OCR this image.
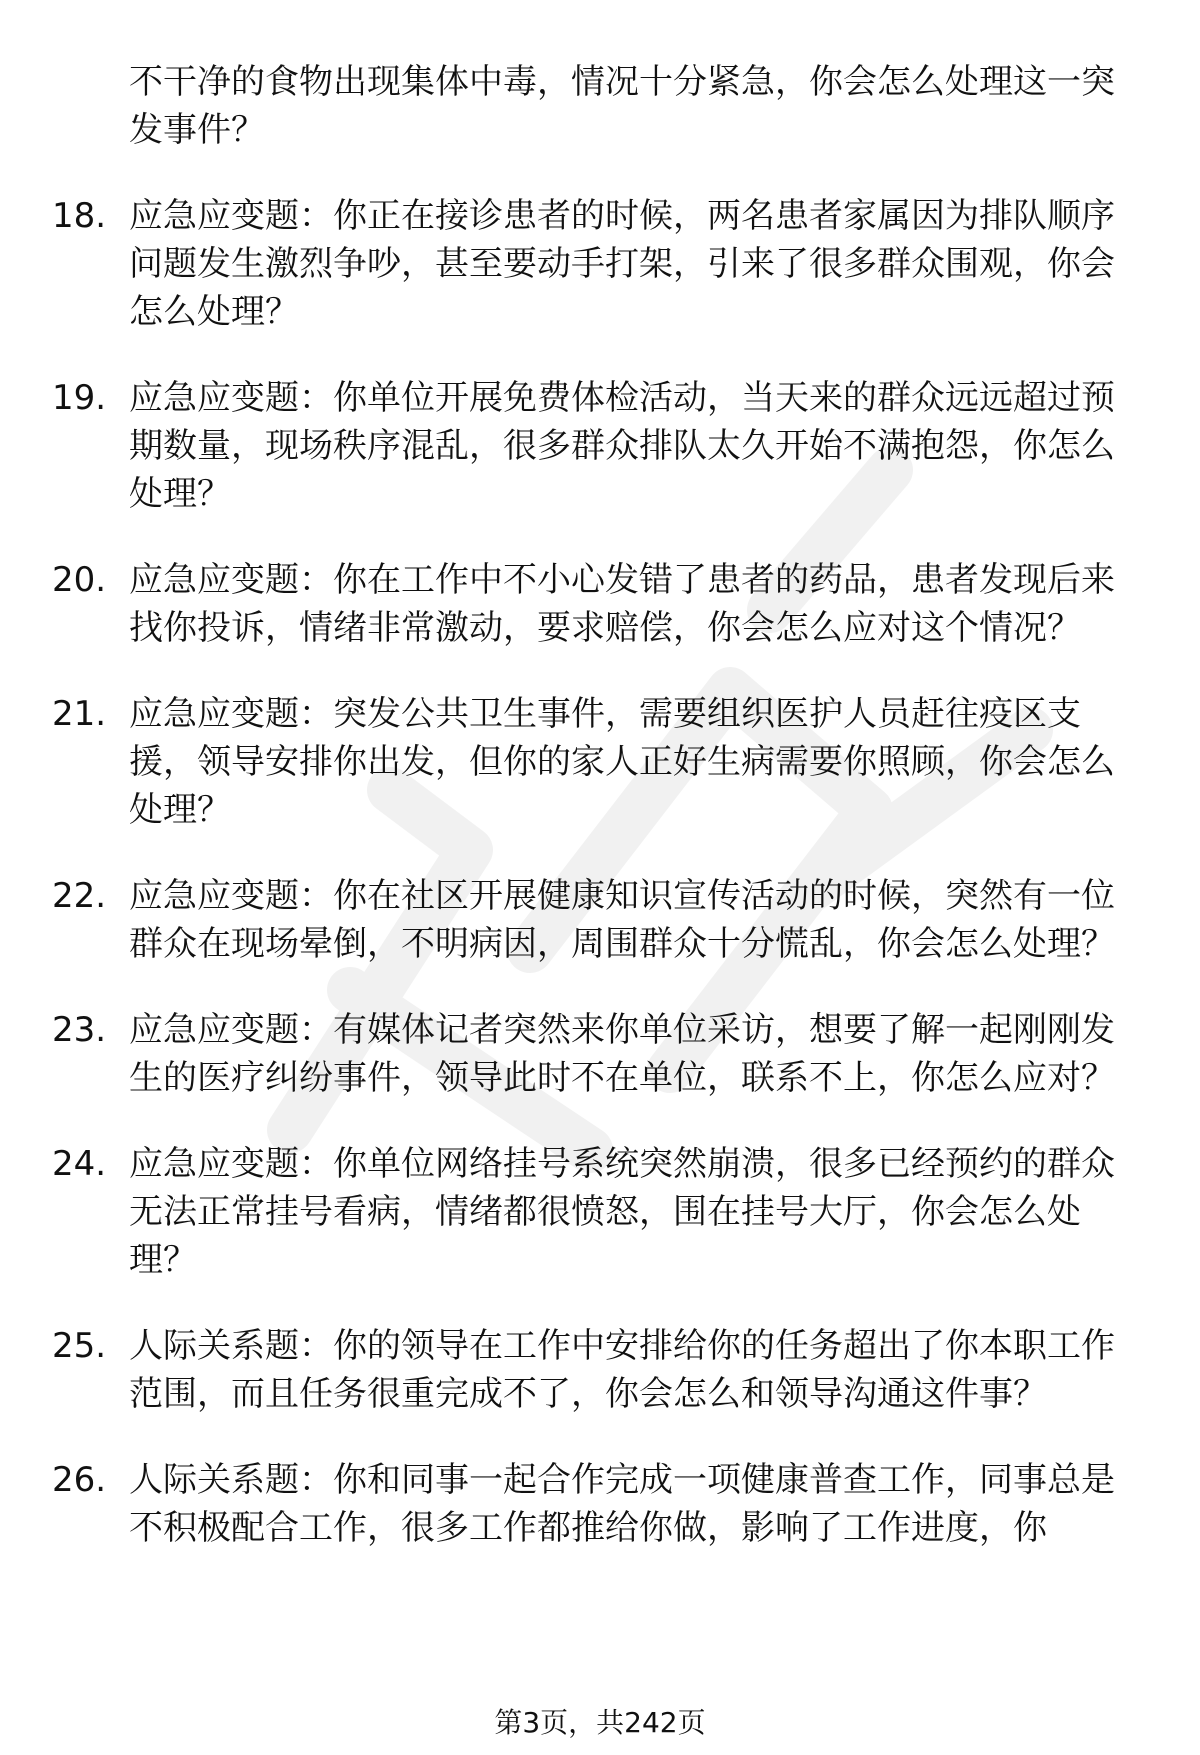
不干净的食物出现集体中毒，情况十分紧急，你会怎么处理这一突发事件？
18. 应急应变题：你正在接诊患者的时候，两名患者家属因为排队顺序问题发生激烈争吵，甚至要动手打架，引来了很多群众围观，你会怎么处理？
19. 应急应变题：你单位开展免费体检活动，当天来的群众远远超过预期数量，现场秩序混乱，很多群众排队太久开始不满抱怨，你怎么处理？
20. 应急应变题：你在工作中不小心发错了患者的药品，患者发现后来找你投诉，情绪非常激动，要求赔偿，你会怎么应对这个情况？
21. 应急应变题：突发公共卫生事件，需要组织医护人员赶往疫区支援，领导安排你出发，但你的家人正好生病需要你照顾，你会怎么处理？
22. 应急应变题：你在社区开展健康知识宣传活动的时候，突然有一位群众在现场晕倒，不明病因，周围群众十分慌乱，你会怎么处理？
23. 应急应变题：有媒体记者突然来你单位采访，想要了解一起刚刚发生的医疗纠纷事件，领导此时不在单位，联系不上，你怎么应对？
24. 应急应变题：你单位网络挂号系统突然崩溃，很多已经预约的群众无法正常挂号看病，情绪都很愤怒，围在挂号大厅，你会怎么处理？
25. 人际关系题：你的领导在工作中安排给你的任务超出了你本职工作范围，而且任务很重完成不了，你会怎么和领导沟通这件事？
26. 人际关系题：你和同事一起合作完成一项健康普查工作，同事总是不积极配合工作，很多工作都推给你做，影响了工作进度，你
第3页，共242页
